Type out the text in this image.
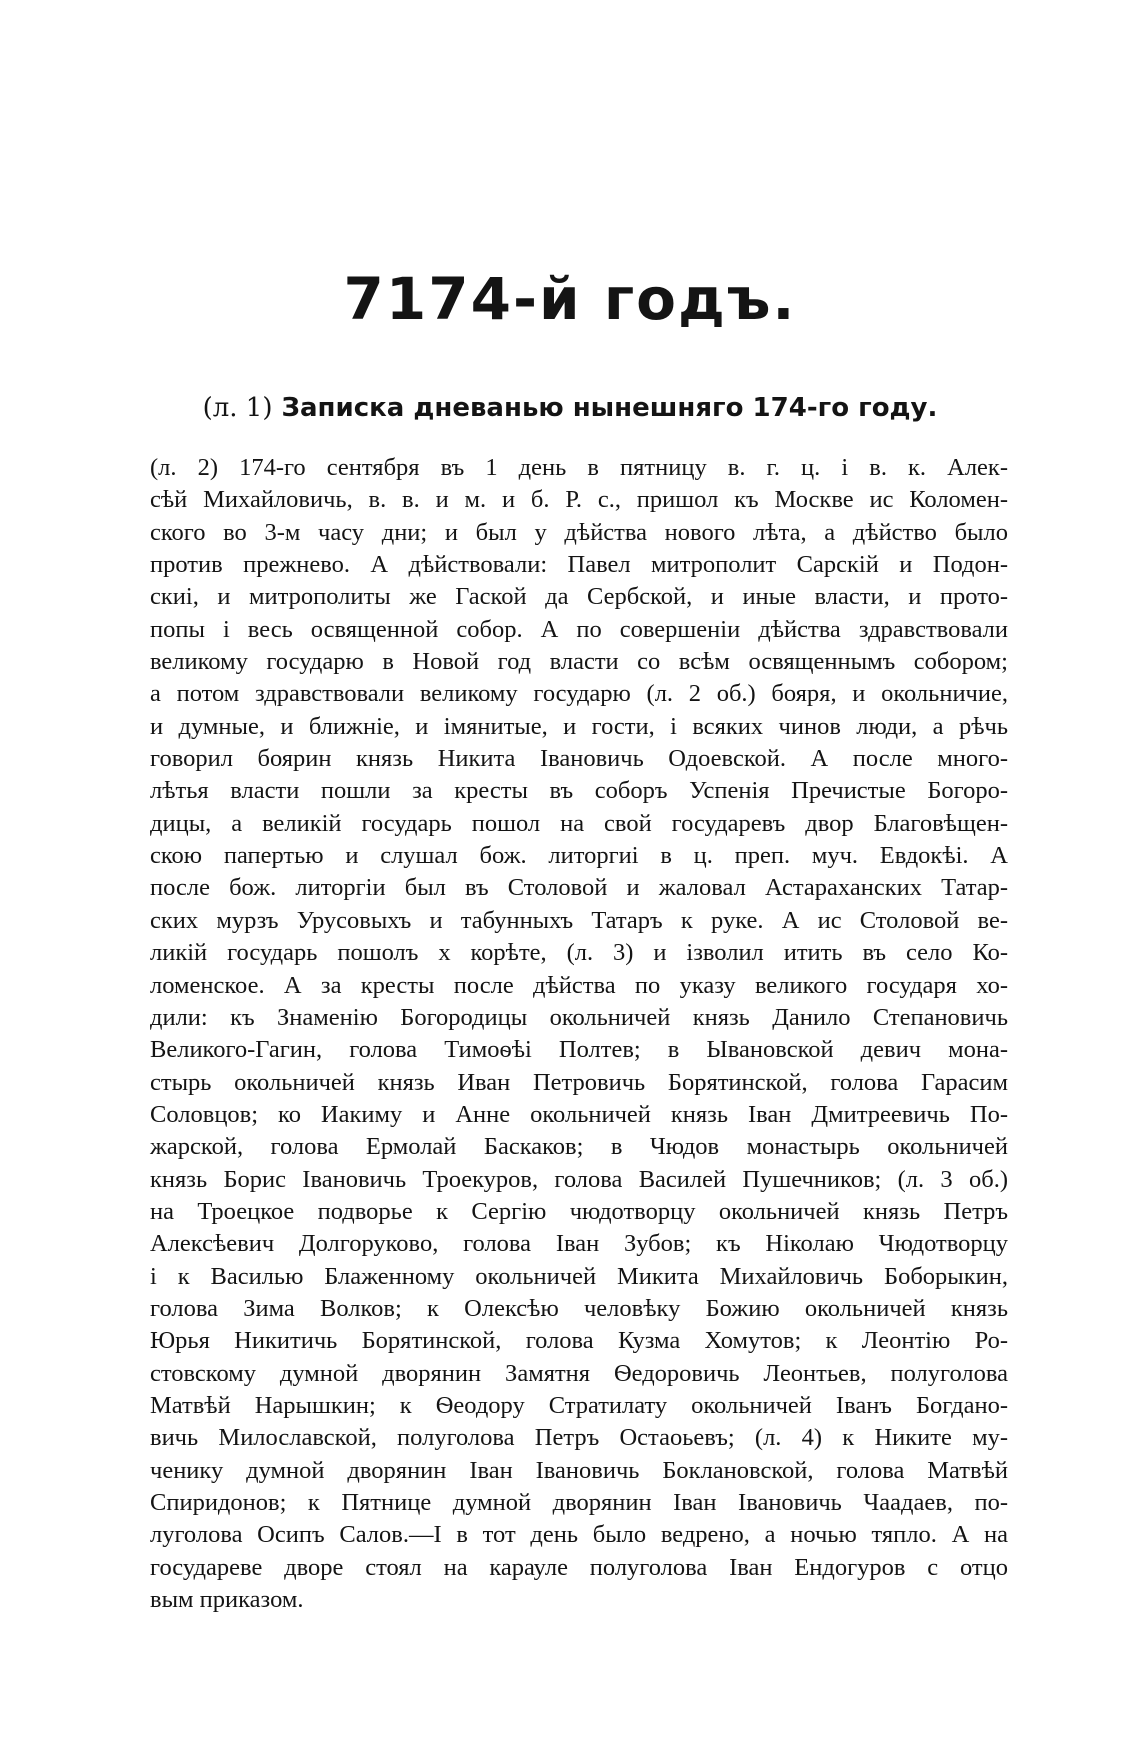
7174-й годъ.
(л. 1) Записка дневанью нынешняго 174-го году.
(л. 2) 174-го сентября въ 1 день в пятницу в. г. ц. і в. к. Алек-
сѣй Михайловичь, в. в. и м. и б. Р. с., пришол къ Москве ис Коломен-
ского во 3-м часу дни; и был у дѣйства нового лѣта, а дѣйство было
против прежнево. А дѣйствовали: Павел митрополит Сарскій и Подон-
скиі, и митрополиты же Гаской да Сербской, и иные власти, и прото-
попы і весь освященной собор. А по совершеніи дѣйства здравствовали
великому государю в Новой год власти со всѣм освященнымъ собором;
а потом здравствовали великому государю (л. 2 об.) бояря, и окольничие,
и думные, и ближніе, и імянитые, и гости, і всяких чинов люди, а рѣчь
говорил боярин князь Никита Івановичь Одоевской. А после много-
лѣтья власти пошли за кресты въ соборъ Успенія Пречистые Богоро-
дицы, а великій государь пошол на свой государевъ двор Благовѣщен-
скою папертью и слушал бож. литоргиі в ц. преп. муч. Евдокѣі. А
после бож. литоргіи был въ Столовой и жаловал Астараханских Татар-
ских мурзъ Урусовыхъ и табунныхъ Татаръ к руке. А ис Столовой ве-
ликій государь пошолъ х корѣте, (л. 3) и ізволил итить въ село Ко-
ломенское. А за кресты после дѣйства по указу великого государя хо-
дили: къ Знаменію Богородицы окольничей князь Данило Степановичь
Великого-Гагин, голова Тимоѳѣі Полтев; в Ывановской девич мона-
стырь окольничей князь Иван Петровичь Борятинской, голова Гарасим
Соловцов; ко Иакиму и Анне окольничей князь Іван Дмитреевичь По-
жарской, голова Ермолай Баскаков; в Чюдов монастырь окольничей
князь Борис Івановичь Троекуров, голова Василей Пушечников; (л. 3 об.)
на Троецкое подворье к Сергію чюдотворцу окольничей князь Петръ
Алексѣевич Долгоруково, голова Іван Зубов; къ Ніколаю Чюдотворцу
і к Василью Блаженному окольничей Микита Михайловичь Боборыкин,
голова Зима Волков; к Олексѣю человѣку Божию окольничей князь
Юрья Никитичь Борятинской, голова Кузма Хомутов; к Леонтію Ро-
стовскому думной дворянин Замятня Ѳедоровичь Леонтьев, полуголова
Матвѣй Нарышкин; к Ѳеодору Стратилату окольничей Іванъ Богдано-
вичь Милославской, полуголова Петръ Остаоьевъ; (л. 4) к Никите му-
ченику думной дворянин Іван Івановичь Боклановской, голова Матвѣй
Спиридонов; к Пятнице думной дворянин Іван Івановичь Чаадаев, по-
луголова Осипъ Салов.—І в тот день было ведрено, а ночью тяпло. А на
государеве дворе стоял на карауле полуголова Іван Ендогуров с отцо
вым приказом.
